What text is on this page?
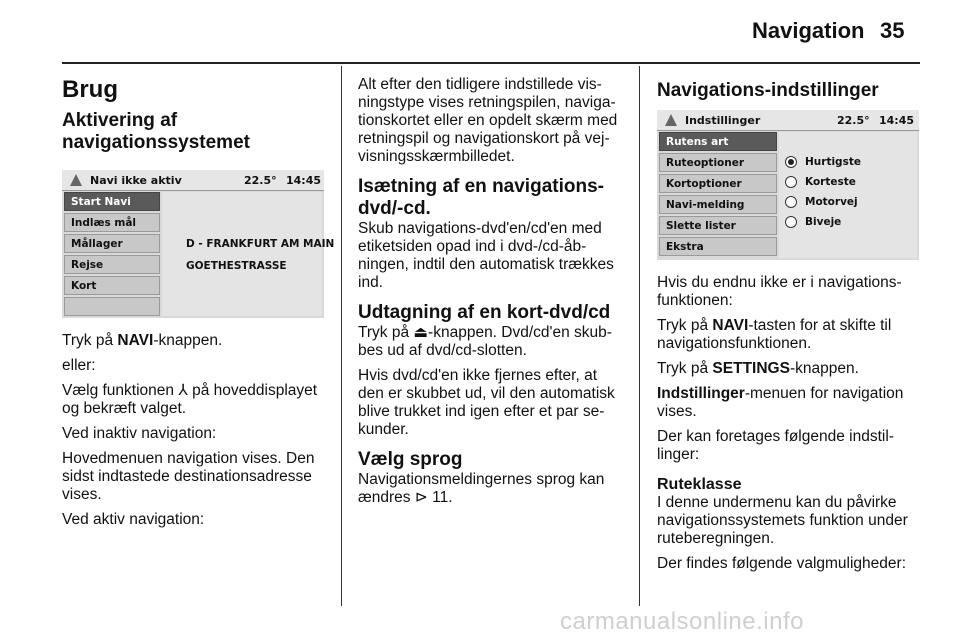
Navigation 35
Brug
Aktivering af navigationssystemet
Navi ikke aktiv	22.5° 14:45
Start Navi
Indlæs mål
Mållager
Rejse
Kort
D - FRANKFURT AM MAIN
GOETHESTRASSE

Tryk på NAVI-knappen.

eller:

Vælg funktionen ⅄ på hoveddisplayet og bekræft valget.

Ved inaktiv navigation:

Hovedmenuen navigation vises. Den sidst indtastede destinationsadresse vises.

Ved aktiv navigation:

Alt efter den tidligere indstillede visningstype vises retningspilen, navigationskortet eller en opdelt skærm med retningspil og navigationskort på vejvisningsskærmbilledet.

Isætning af en navigations-dvd/-cd.

Skub navigations-dvd'en/cd'en med etiketsiden opad ind i dvd-/cd-åbningen, indtil den automatisk trækkes ind.

Udtagning af en kort-dvd/cd

Tryk på ⏏-knappen. Dvd/cd'en skubbes ud af dvd/cd-slotten.

Hvis dvd/cd'en ikke fjernes efter, at den er skubbet ud, vil den automatisk blive trukket ind igen efter et par sekunder.

Vælg sprog

Navigationsmeldingernes sprog kan ændres ⊳ 11.

Navigations-indstillinger
Indstillinger	22.5° 14:45
Rutens art
Ruteoptioner
Kortoptioner
Navi-melding
Slette lister
Ekstra
Hurtigste
Korteste
Motorvej
Biveje

Hvis du endnu ikke er i navigationsfunktionen:

Tryk på NAVI-tasten for at skifte til navigationsfunktionen.

Tryk på SETTINGS-knappen.

Indstillinger-menuen for navigation vises.

Der kan foretages følgende indstillinger:

Ruteklasse

I denne undermenu kan du påvirke navigationssystemets funktion under ruteberegningen.

Der findes følgende valgmuligheder:

carmanualsonline.info
